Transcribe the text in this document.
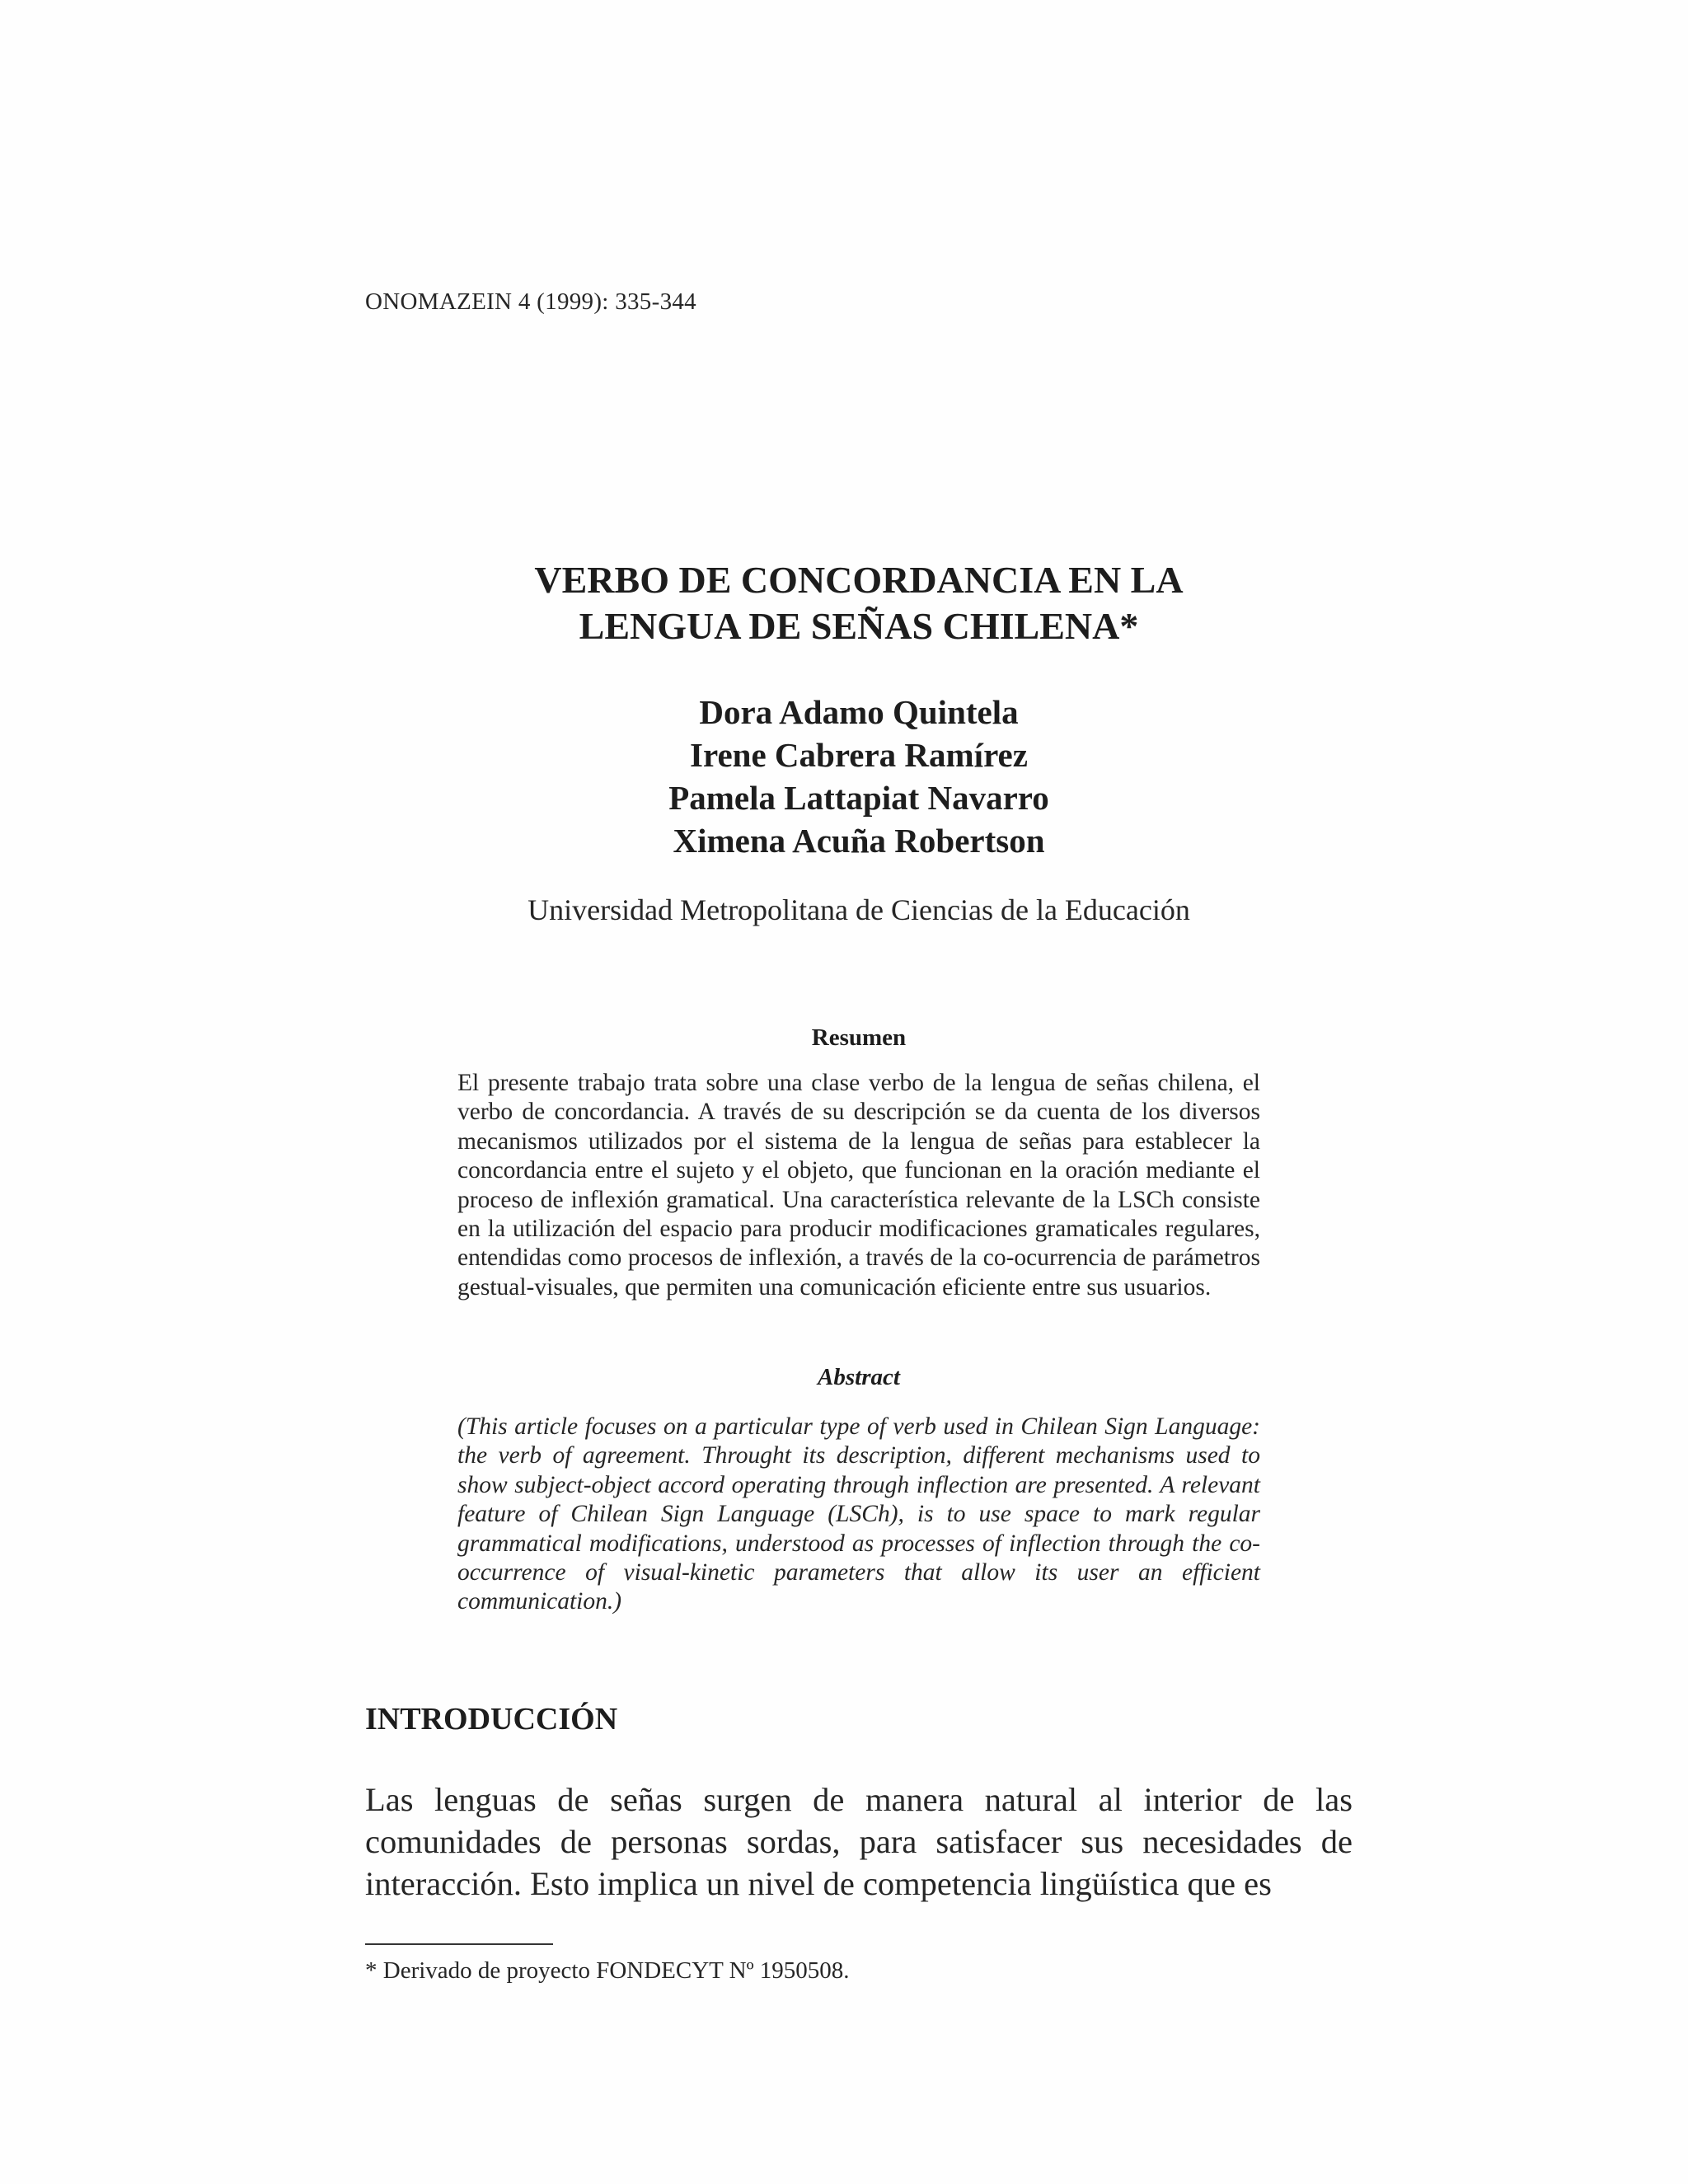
ONOMAZEIN 4 (1999): 335-344
VERBO DE CONCORDANCIA EN LA
LENGUA DE SEÑAS CHILENA*
Dora Adamo Quintela
Irene Cabrera Ramírez
Pamela Lattapiat Navarro
Ximena Acuña Robertson
Universidad Metropolitana de Ciencias de la Educación
Resumen
El presente trabajo trata sobre una clase verbo de la lengua de señas chilena, el verbo de concordancia. A través de su descripción se da cuenta de los diversos mecanismos utilizados por el sistema de la lengua de señas para establecer la concordancia entre el sujeto y el objeto, que funcionan en la oración mediante el proceso de inflexión gramatical. Una característica relevante de la LSCh consiste en la utilización del espacio para producir modificaciones gramaticales regulares, entendidas como procesos de inflexión, a través de la co-ocurrencia de parámetros gestual-visuales, que permiten una comunicación eficiente entre sus usuarios.
Abstract
(This article focuses on a particular type of verb used in Chilean Sign Language: the verb of agreement. Throught its description, different mechanisms used to show subject-object accord operating through inflection are presented. A relevant feature of Chilean Sign Language (LSCh), is to use space to mark regular grammatical modifications, understood as processes of inflection through the co-occurrence of visual-kinetic parameters that allow its user an efficient communication.)
INTRODUCCIÓN
Las lenguas de señas surgen de manera natural al interior de las comunidades de personas sordas, para satisfacer sus necesidades de interacción. Esto implica un nivel de competencia lingüística que es
* Derivado de proyecto FONDECYT Nº 1950508.
